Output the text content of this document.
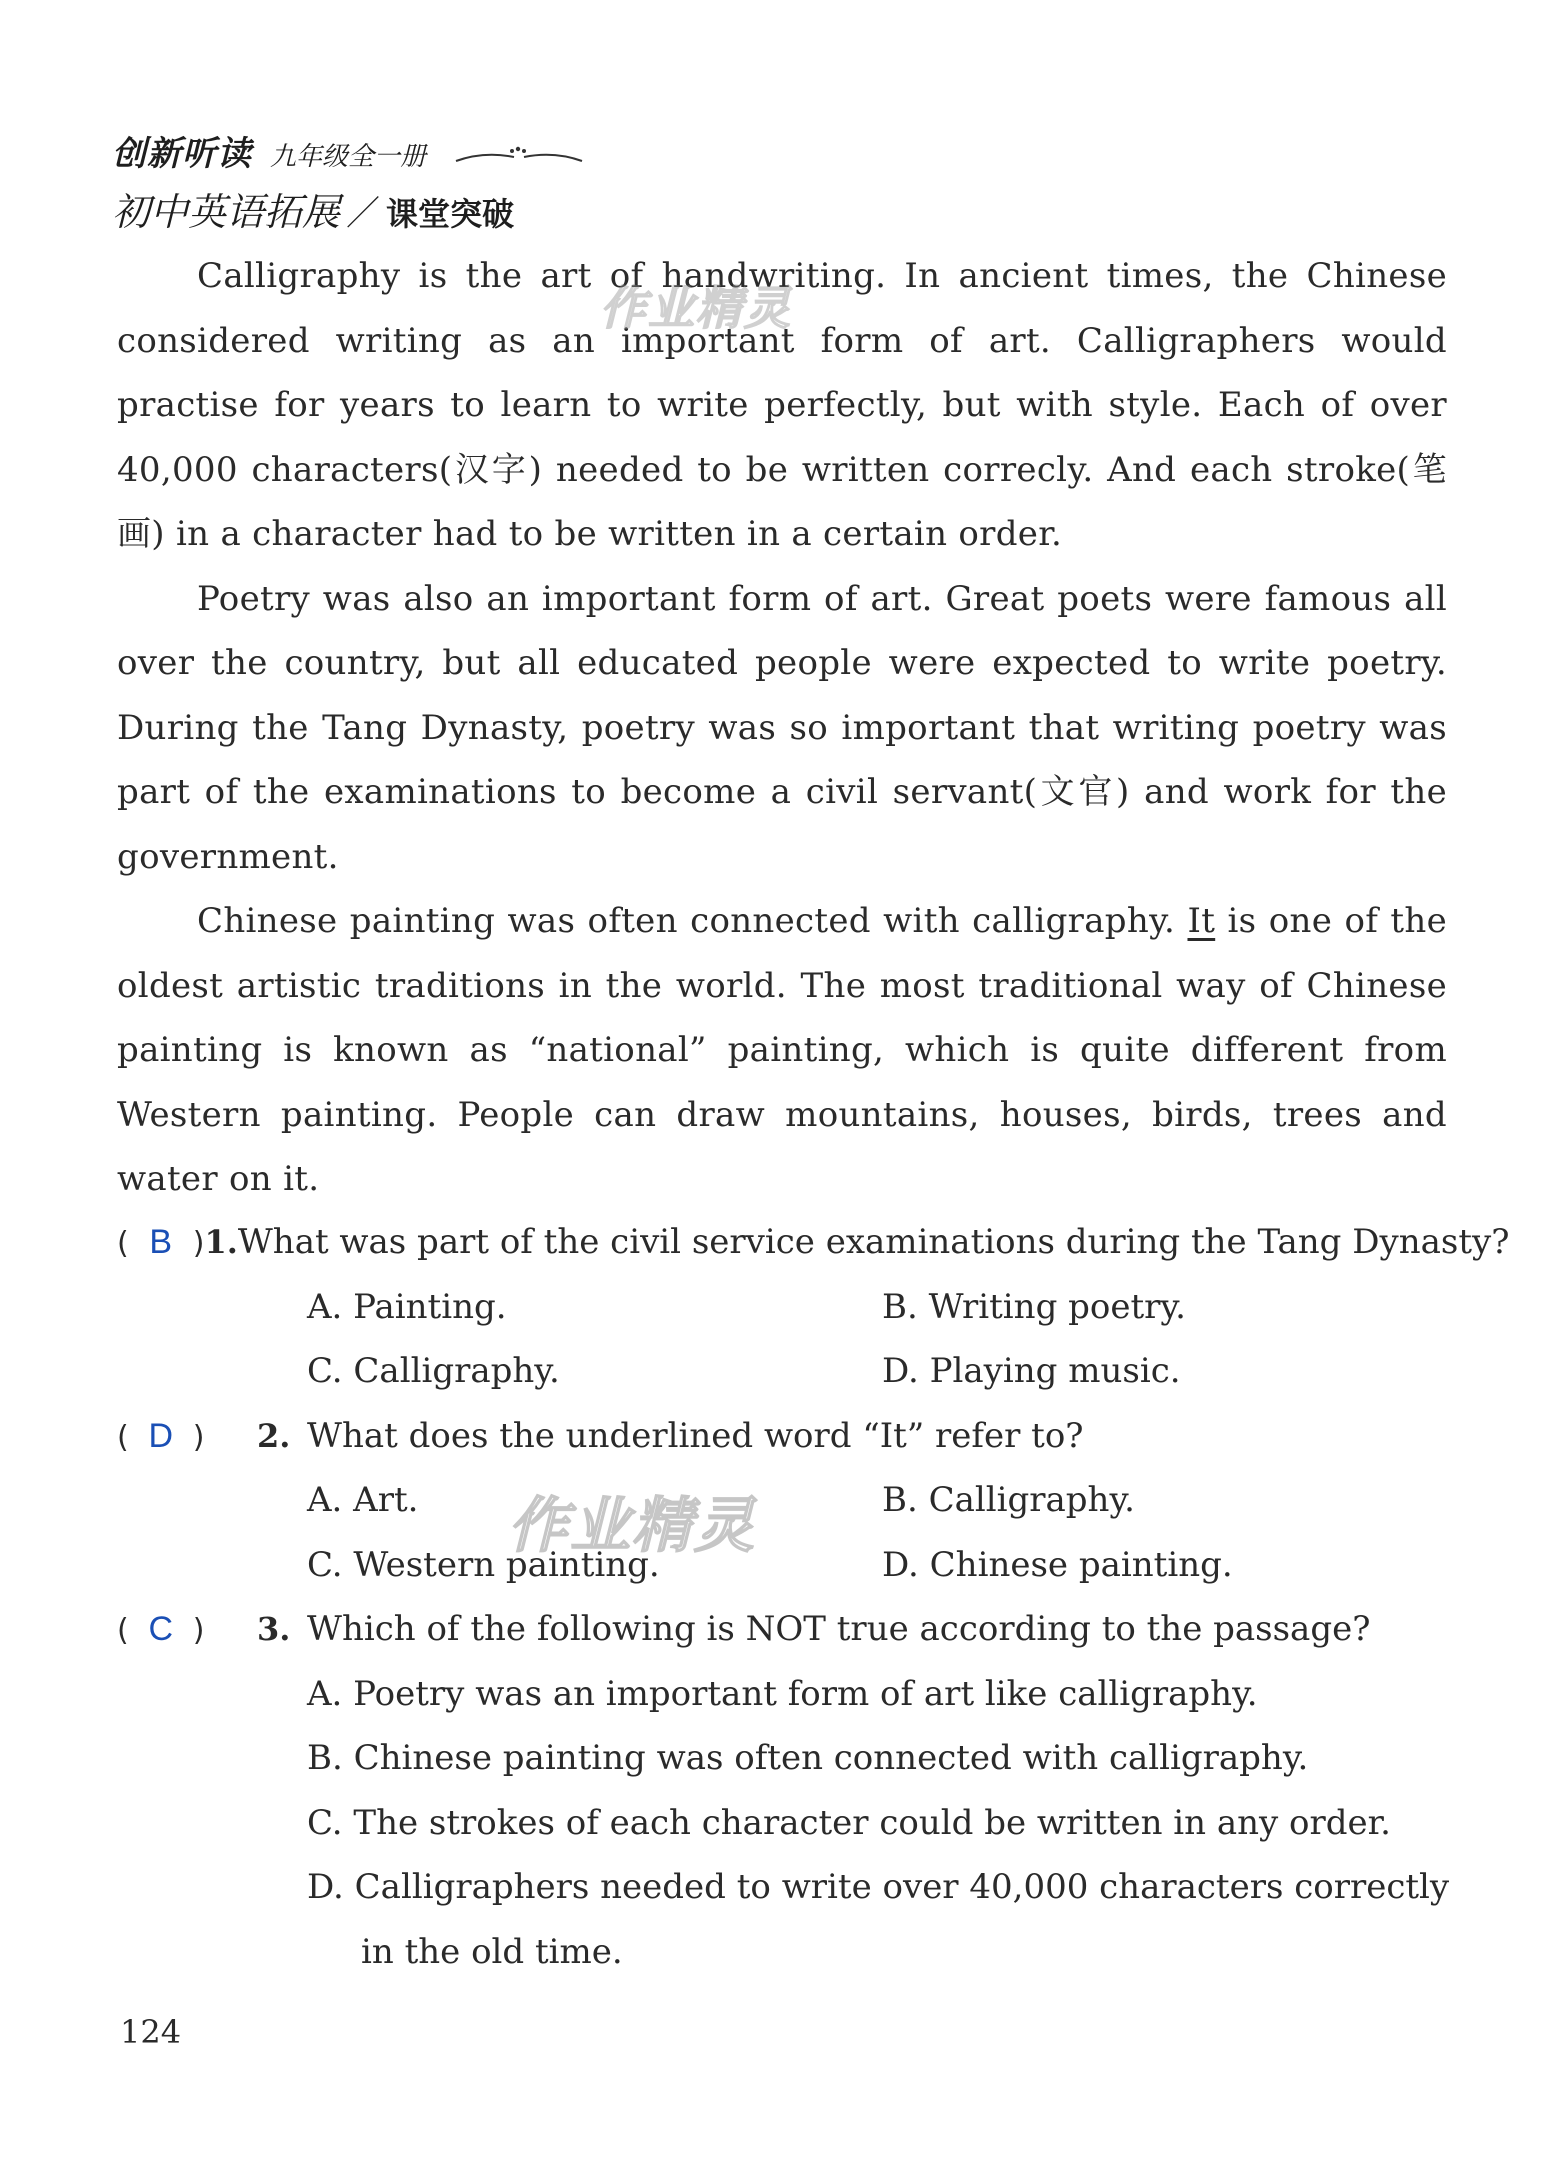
创新听读 九年级全一册
初中英语拓展 ／ 课堂突破

Calligraphy is the art of handwriting. In ancient times, the Chinese considered writing as an important form of art. Calligraphers would practise for years to learn to write perfectly, but with style. Each of over 40,000 characters(汉字) needed to be written correcly. And each stroke(笔画) in a character had to be written in a certain order.

Poetry was also an important form of art. Great poets were famous all over the country, but all educated people were expected to write poetry. During the Tang Dynasty, poetry was so important that writing poetry was part of the examinations to become a civil servant(文官) and work for the government.

Chinese painting was often connected with calligraphy. It is one of the oldest artistic traditions in the world. The most traditional way of Chinese painting is known as “national” painting, which is quite different from Western painting. People can draw mountains, houses, birds, trees and water on it.

( B ) 1. What was part of the civil service examinations during the Tang Dynasty?
A. Painting.	B. Writing poetry.
C. Calligraphy.	D. Playing music.
( D )	2. What does the underlined word “It” refer to?
A. Art.	B. Calligraphy.
C. Western painting.	D. Chinese painting.
( C )	3. Which of the following is NOT true according to the passage?
A. Poetry was an important form of art like calligraphy.
B. Chinese painting was often connected with calligraphy.
C. The strokes of each character could be written in any order.
D. Calligraphers needed to write over 40,000 characters correctly
in the old time.
作业精灵
作业精灵
124
